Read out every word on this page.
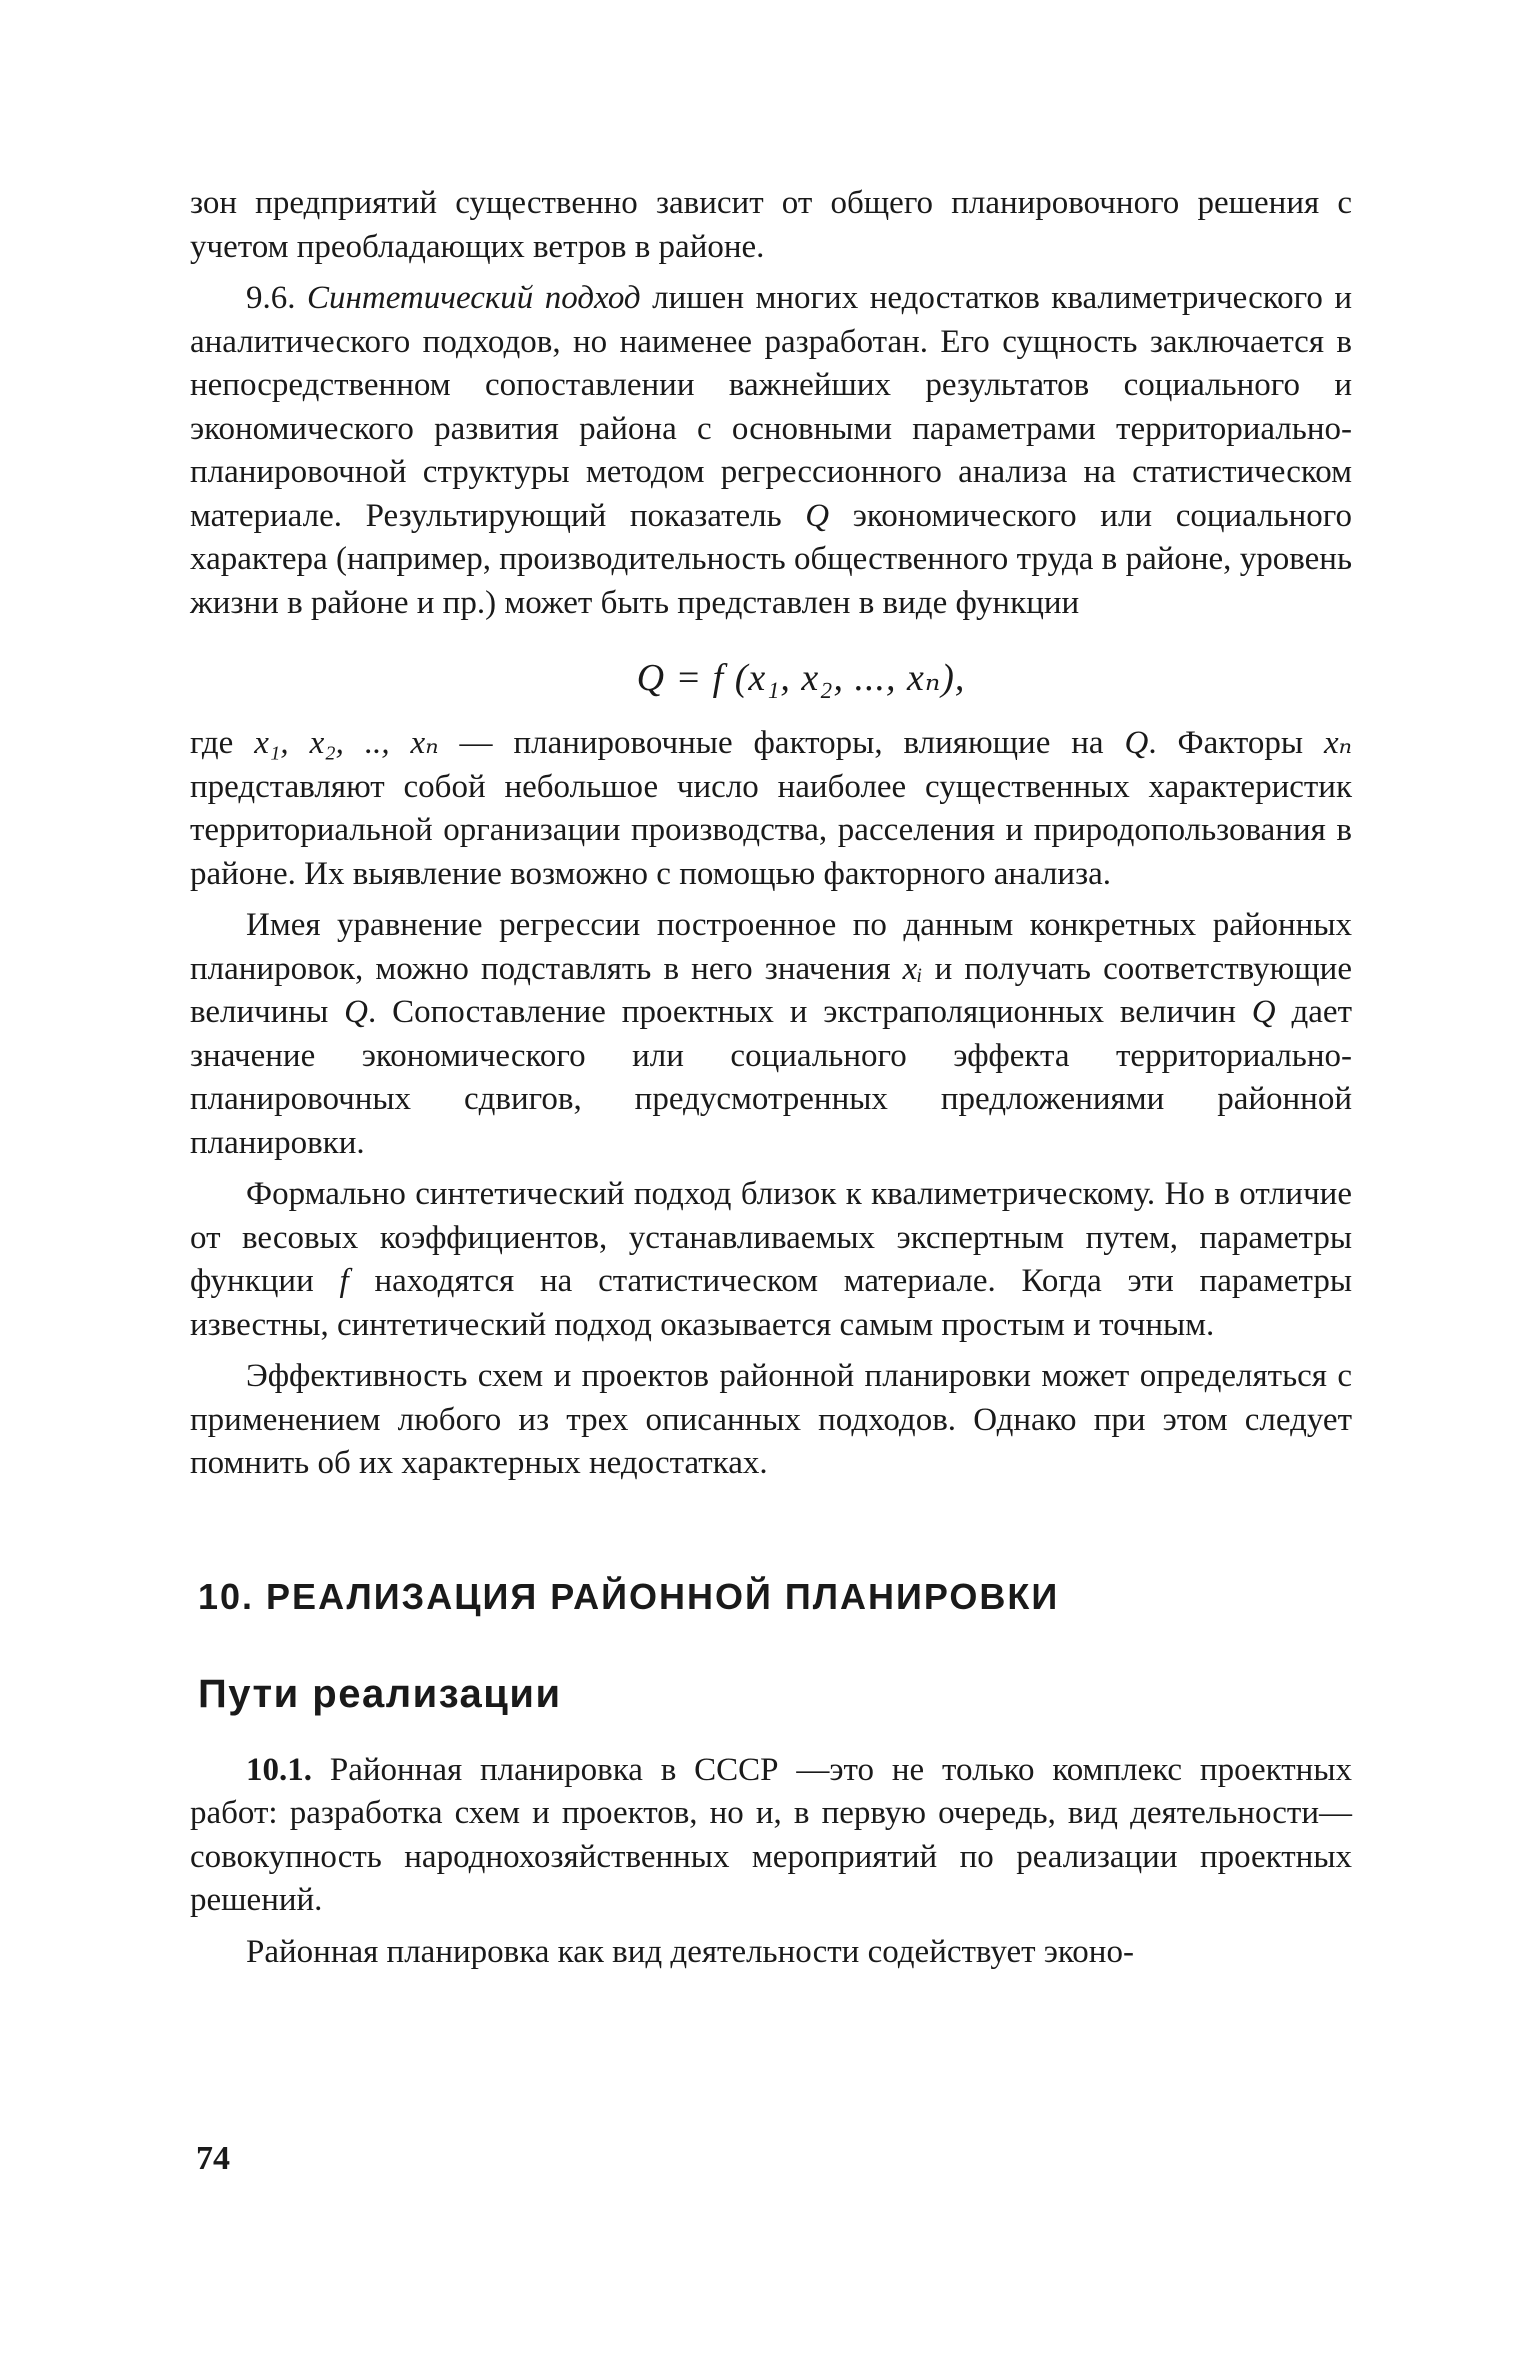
зон предприятий существенно зависит от общего планировочного решения с учетом преобладающих ветров в районе.

9.6. Синтетический подход лишен многих недостатков квалиметрического и аналитического подходов, но наименее разработан. Его сущность заключается в непосредственном сопоставлении важнейших результатов социального и экономического развития района с основными параметрами территориально-планировочной структуры методом регрессионного анализа на статистическом материале. Результирующий показатель Q экономического или социального характера (например, производительность общественного труда в районе, уровень жизни в районе и пр.) может быть представлен в виде функции

Q = f (x₁, x₂, ..., xₙ),

где x₁, x₂, .., xₙ — планировочные факторы, влияющие на Q. Факторы xₙ представляют собой небольшое число наиболее существенных характеристик территориальной организации производства, расселения и природопользования в районе. Их выявление возможно с помощью факторного анализа.

Имея уравнение регрессии построенное по данным конкретных районных планировок, можно подставлять в него значения xᵢ и получать соответствующие величины Q. Сопоставление проектных и экстраполяционных величин Q дает значение экономического или социального эффекта территориально-планировочных сдвигов, предусмотренных предложениями районной планировки.

Формально синтетический подход близок к квалиметрическому. Но в отличие от весовых коэффициентов, устанавливаемых экспертным путем, параметры функции f находятся на статистическом материале. Когда эти параметры известны, синтетический подход оказывается самым простым и точным.

Эффективность схем и проектов районной планировки может определяться с применением любого из трех описанных подходов. Однако при этом следует помнить об их характерных недостатках.

10. РЕАЛИЗАЦИЯ РАЙОННОЙ ПЛАНИРОВКИ
Пути реализации

10.1. Районная планировка в СССР —это не только комплекс проектных работ: разработка схем и проектов, но и, в первую очередь, вид деятельности—совокупность народнохозяйственных мероприятий по реализации проектных решений.

Районная планировка как вид деятельности содействует эконо-

74
